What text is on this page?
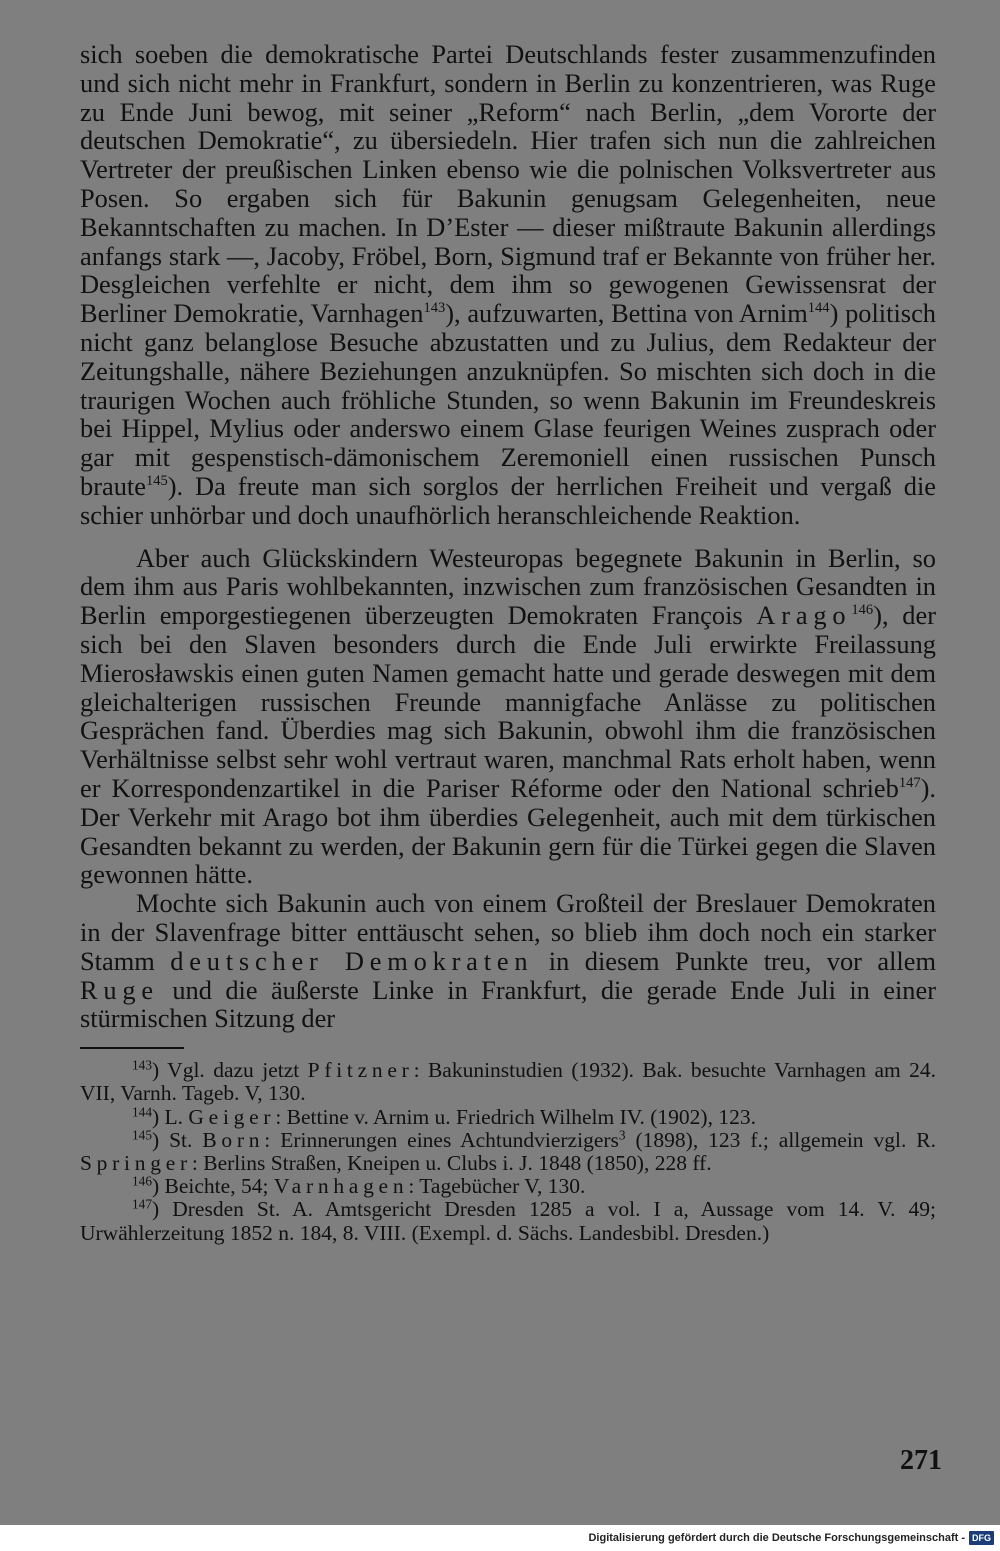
sich soeben die demokratische Partei Deutschlands fester zusammenzufinden und sich nicht mehr in Frankfurt, sondern in Berlin zu konzentrieren, was Ruge zu Ende Juni bewog, mit seiner „Reform“ nach Berlin, „dem Vororte der deutschen Demokratie“, zu übersiedeln. Hier trafen sich nun die zahlreichen Vertreter der preußischen Linken ebenso wie die polnischen Volksvertreter aus Posen. So ergaben sich für Bakunin genugsam Gelegenheiten, neue Bekanntschaften zu machen. In D’Ester — dieser mißtraute Bakunin allerdings anfangs stark —, Jacoby, Fröbel, Born, Sigmund traf er Bekannte von früher her. Desgleichen verfehlte er nicht, dem ihm so gewogenen Gewissensrat der Berliner Demokratie, Varnhagen$^{143}$), aufzuwarten, Bettina von Arnim$^{144}$) politisch nicht ganz belanglose Besuche abzustatten und zu Julius, dem Redakteur der Zeitungshalle, nähere Beziehungen anzuknüpfen. So mischten sich doch in die traurigen Wochen auch fröhliche Stunden, so wenn Bakunin im Freundeskreis bei Hippel, Mylius oder anderswo einem Glase feurigen Weines zusprach oder gar mit gespenstisch-dämonischem Zeremoniell einen russischen Punsch braute$^{145}$). Da freute man sich sorglos der herrlichen Freiheit und vergaß die schier unhörbar und doch unaufhörlich heranschleichende Reaktion.

Aber auch Glückskindern Westeuropas begegnete Bakunin in Berlin, so dem ihm aus Paris wohlbekannten, inzwischen zum französischen Gesandten in Berlin emporgestiegenen überzeugten Demokraten François Arago$^{146}$), der sich bei den Slaven besonders durch die Ende Juli erwirkte Freilassung Mierosławskis einen guten Namen gemacht hatte und gerade deswegen mit dem gleichalterigen russischen Freunde mannigfache Anlässe zu politischen Gesprächen fand. Überdies mag sich Bakunin, obwohl ihm die französischen Verhältnisse selbst sehr wohl vertraut waren, manchmal Rats erholt haben, wenn er Korrespondenzartikel in die Pariser Réforme oder den National schrieb$^{147}$). Der Verkehr mit Arago bot ihm überdies Gelegenheit, auch mit dem türkischen Gesandten bekannt zu werden, der Bakunin gern für die Türkei gegen die Slaven gewonnen hätte.

Mochte sich Bakunin auch von einem Großteil der Breslauer Demokraten in der Slavenfrage bitter enttäuscht sehen, so blieb ihm doch noch ein starker Stamm deutscher Demokraten in diesem Punkte treu, vor allem Ruge und die äußerste Linke in Frankfurt, die gerade Ende Juli in einer stürmischen Sitzung der

$^{143}$) Vgl. dazu jetzt Pfitzner: Bakuninstudien (1932). Bak. besuchte Varnhagen am 24. VII, Varnh. Tageb. V, 130.

$^{144}$) L. Geiger: Bettine v. Arnim u. Friedrich Wilhelm IV. (1902), 123.

$^{145}$) St. Born: Erinnerungen eines Achtundvierzigers$^3$ (1898), 123 f.; allgemein vgl. R. Springer: Berlins Straßen, Kneipen u. Clubs i. J. 1848 (1850), 228 ff.

$^{146}$) Beichte, 54; Varnhagen: Tagebücher V, 130.

$^{147}$) Dresden St. A. Amtsgericht Dresden 1285 a vol. I a, Aussage vom 14. V. 49; Urwählerzeitung 1852 n. 184, 8. VIII. (Exempl. d. Sächs. Landesbibl. Dresden.)

271
Digitalisierung gefördert durch die Deutsche Forschungsgemeinschaft - DFG
